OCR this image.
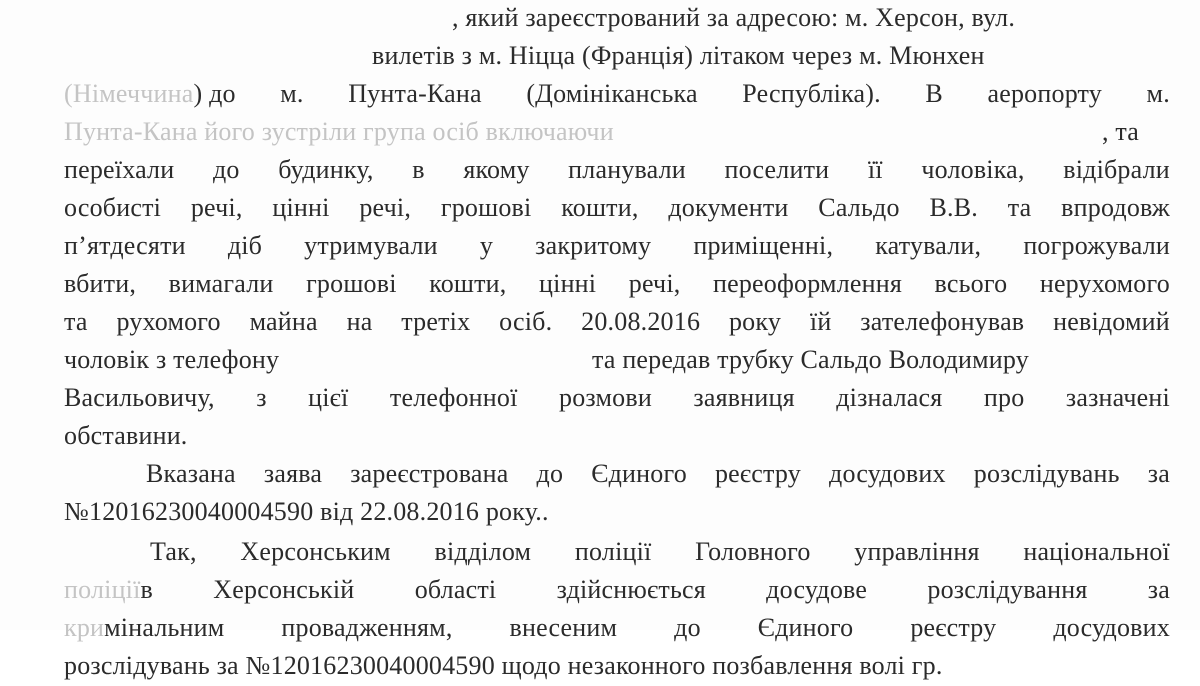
, який зареєстрований за адресою: м. Херсон, вул.
вилетів з м. Ніцца (Франція) літаком через м. Мюнхен
(Німеччина) до м. Пунта-Кана (Домініканська Республіка). В аеропорту м.
Пунта-Кана його зустріли група осіб включаючи	, та
переїхали до будинку, в якому планували поселити її чоловіка, відібрали
особисті речі, цінні речі, грошові кошти, документи Сальдо В.В. та впродовж
п’ятдесяти діб утримували у закритому приміщенні, катували, погрожували
вбити, вимагали грошові кошти, цінні речі, переоформлення всього нерухомого
та рухомого майна на третіх осіб. 20.08.2016 року їй зателефонував невідомий
чоловік з телефону	та передав трубку Сальдо Володимиру
Васильовичу, з цієї телефонної розмови заявниця дізналася про зазначені
обставини.
Вказана заява зареєстрована до Єдиного реєстру досудових розслідувань за
№12016230040004590 від 22.08.2016 року..
Так, Херсонським відділом поліції Головного управління національної
поліціїв Херсонській області здійснюється досудове розслідування за
кримінальним провадженням, внесеним до Єдиного реєстру досудових
розслідувань за №12016230040004590 щодо незаконного позбавлення волі гр.
